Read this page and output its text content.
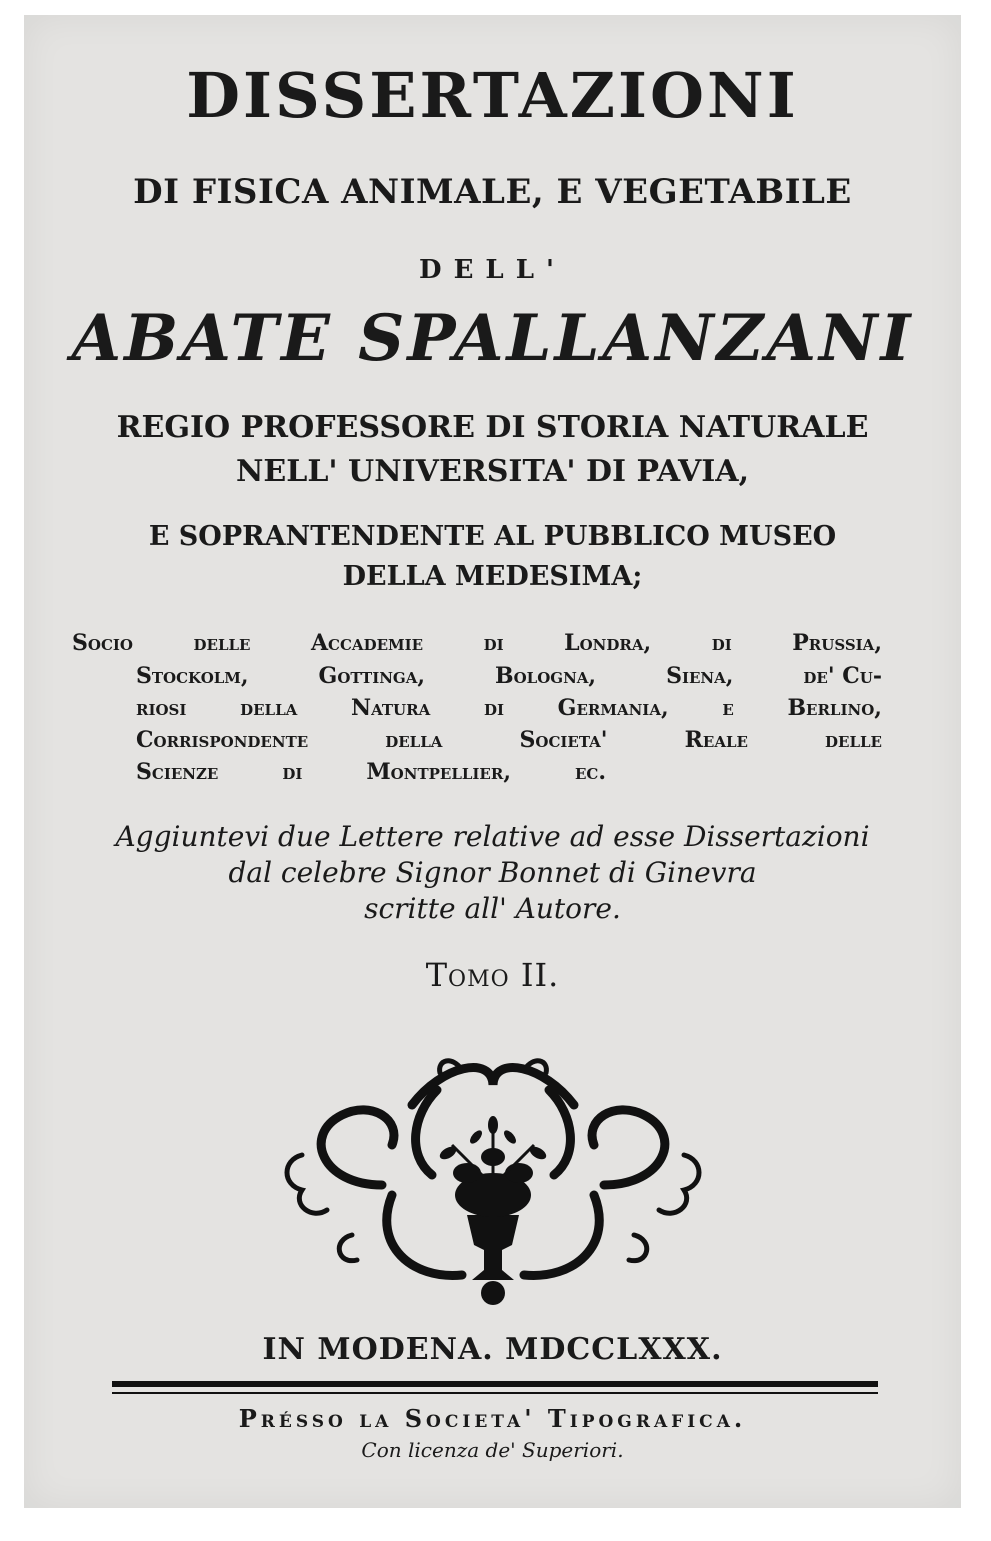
DISSERTAZIONI
DI FISICA ANIMALE, E VEGETABILE
DELL'
ABATE SPALLANZANI
REGIO PROFESSORE DI STORIA NATURALE
NELL' UNIVERSITA' DI PAVIA,
E SOPRANTENDENTE AL PUBBLICO MUSEO
DELLA MEDESIMA;
Socio	delle	Accademie	di	Londra,	di	Prussia,
Stockolm,	Gottinga,	Bologna,	Siena,	de' Cu-
riosi della Natura di Germania, e Berlino,
Corrispondente	della	Societa'	Reale	delle
Scienze	di	Montpellier,	ec.
Aggiuntevi due Lettere relative ad esse Dissertazioni
dal celebre Signor Bonnet di Ginevra
scritte all' Autore.
Tomo II.
IN MODENA. MDCCLXXX.
Présso la Societa' Tipografica.
Con licenza de' Superiori.
